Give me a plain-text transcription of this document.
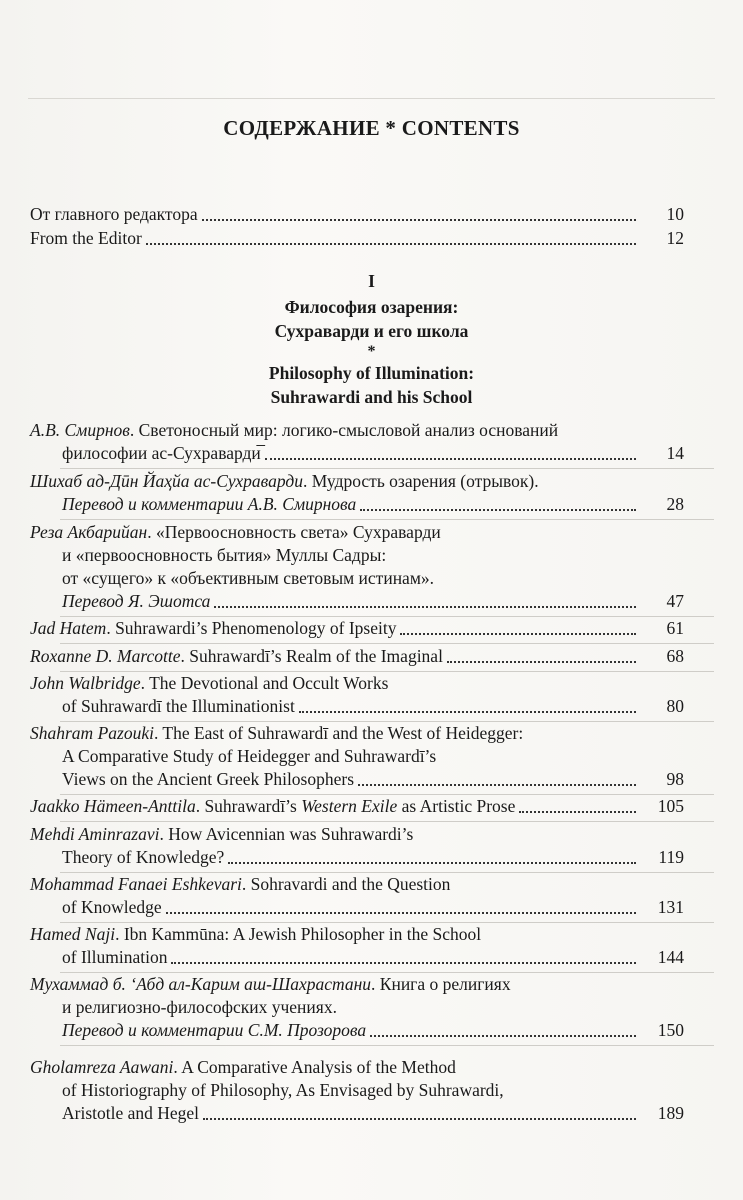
СОДЕРЖАНИЕ * CONTENTS
От главного редактора	10
From the Editor	12
I
Философия озарения:
Сухраварди и его школа
*
Philosophy of Illumination:
Suhrawardi and his School
А.В. Смирнов. Светоносный мир: логико-смысловой анализ оснований
философии ас-Сухраварди̅	14
Шихаб ад-Дӣн Йаҳйа ас-Сухраварди. Мудрость озарения (отрывок).
Перевод и комментарии А.В. Смирнова	28
Реза Акбарийан. «Первоосновность света» Сухраварди
и «первоосновность бытия» Муллы Садры:
от «сущего» к «объективным световым истинам».
Перевод Я. Эшотса	47
Jad Hatem. Suhrawardi’s Phenomenology of Ipseity	61
Roxanne D. Marcotte. Suhrawardī’s Realm of the Imaginal	68
John Walbridge. The Devotional and Occult Works
of Suhrawardī the Illuminationist	80
Shahram Pazouki. The East of Suhrawardī and the West of Heidegger:
A Comparative Study of Heidegger and Suhrawardī’s
Views on the Ancient Greek Philosophers	98
Jaakko Hämeen-Anttila. Suhrawardī’s Western Exile as Artistic Prose	105
Mehdi Aminrazavi. How Avicennian was Suhrawardi’s
Theory of Knowledge?	119
Mohammad Fanaei Eshkevari. Sohravardi and the Question
of Knowledge	131
Hamed Naji. Ibn Kammūna: A Jewish Philosopher in the School
of Illumination	144
Мухаммад б. ʻАбд ал-Карим аш-Шахрастани. Книга о религиях
и религиозно-философских учениях.
Перевод и комментарии С.М. Прозорова	150
Gholamreza Aawani. A Comparative Analysis of the Method
of Historiography of Philosophy, As Envisaged by Suhrawardi,
Aristotle and Hegel	189
